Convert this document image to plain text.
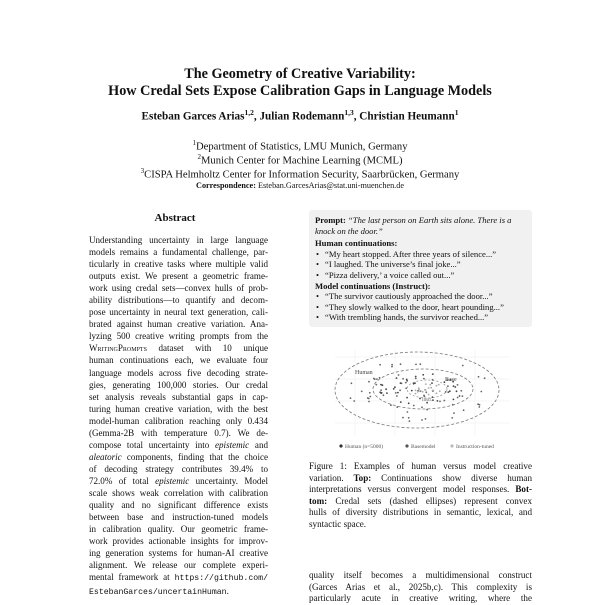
The Geometry of Creative Variability:
How Credal Sets Expose Calibration Gaps in Language Models
Esteban Garces Arias$^{1,2}$, Julian Rodemann$^{1,3}$, Christian Heumann$^1$
$^1$Department of Statistics, LMU Munich, Germany
$^2$Munich Center for Machine Learning (MCML)
$^3$CISPA Helmholtz Center for Information Security, Saarbrücken, Germany
Correspondence: Esteban.GarcesArias@stat.uni-muenchen.de
Abstract
Understanding uncertainty in large language
models remains a fundamental challenge, par-
ticularly in creative tasks where multiple valid
outputs exist. We present a geometric frame-
work using credal sets—convex hulls of prob-
ability distributions—to quantify and decom-
pose uncertainty in neural text generation, cali-
brated against human creative variation. Ana-
lyzing 500 creative writing prompts from the
WritingPrompts dataset with 10 unique
human continuations each, we evaluate four
language models across five decoding strate-
gies, generating 100,000 stories. Our credal
set analysis reveals substantial gaps in cap-
turing human creative variation, with the best
model-human calibration reaching only 0.434
(Gemma-2B with temperature 0.7). We de-
compose total uncertainty into epistemic and
aleatoric components, finding that the choice
of decoding strategy contributes 39.4% to
72.0% of total epistemic uncertainty. Model
scale shows weak correlation with calibration
quality and no significant difference exists
between base and instruction-tuned models
in calibration quality. Our geometric frame-
work provides actionable insights for improv-
ing generation systems for human-AI creative
alignment. We release our complete experi-
mental framework at https://github.com/
EstebanGarces/uncertainHuman.
Prompt: “The last person on Earth sits alone. There is a knock on the door.”
Human continuations:
• “My heart stopped. After three years of silence...”
• “I laughed. The universe’s final joke...”
• “Pizza delivery,’ a voice called out...”
Model continuations (Instruct):
• “The survivor cautiously approached the door...”
• “They slowly walked to the door, heart pounding...”
• “With trembling hands, the survivor reached...”
Human
Base
Instr.
Human (n=5000)	Basemodel	Instruction-tuned
Figure 1: Examples of human versus model creative
variation. Top: Continuations show diverse human
interpretations versus convergent model responses. Bot-
tom: Credal sets (dashed ellipses) represent convex
hulls of diversity distributions in semantic, lexical, and
syntactic space.
quality itself becomes a multidimensional construct
(Garces Arias et al., 2025b,c). This complexity is
particularly acute in creative writing, where the
